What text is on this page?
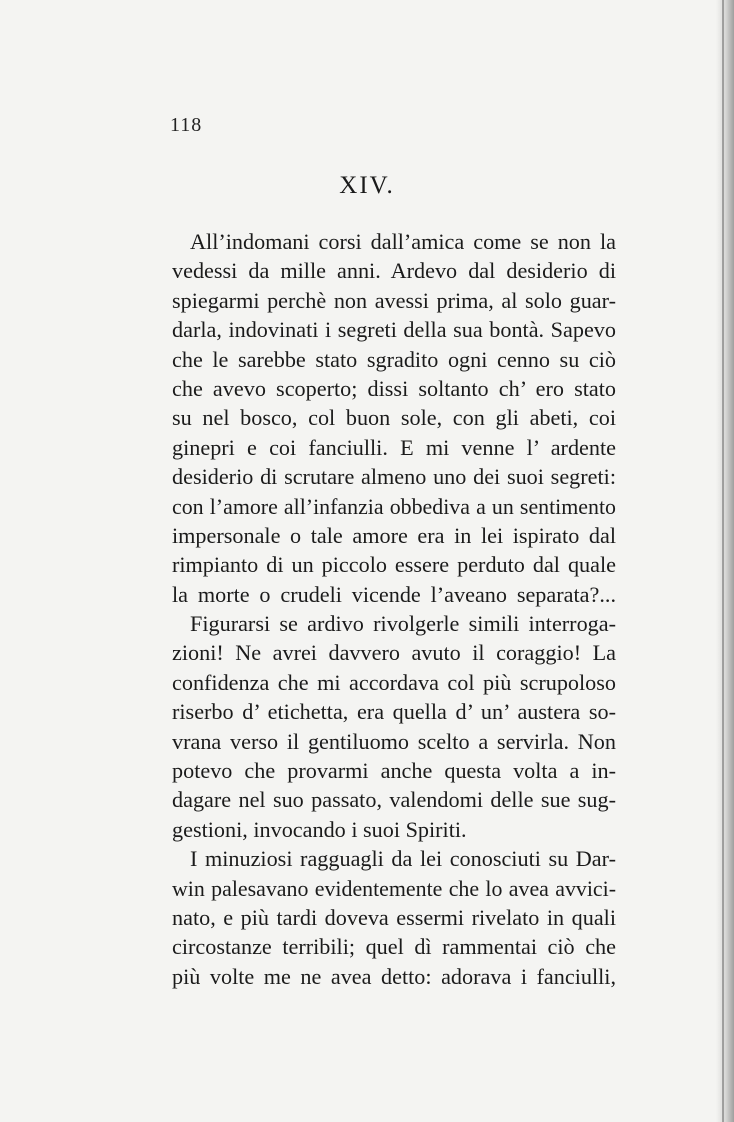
118
XIV.
All’indomani corsi dall’amica come se non la
vedessi da mille anni. Ardevo dal desiderio di
spiegarmi perchè non avessi prima, al solo guar-
darla, indovinati i segreti della sua bontà. Sapevo
che le sarebbe stato sgradito ogni cenno su ciò
che avevo scoperto; dissi soltanto ch’ ero stato
su nel bosco, col buon sole, con gli abeti, coi
ginepri e coi fanciulli. E mi venne l’ ardente
desiderio di scrutare almeno uno dei suoi segreti:
con l’amore all’infanzia obbediva a un sentimento
impersonale o tale amore era in lei ispirato dal
rimpianto di un piccolo essere perduto dal quale
la morte o crudeli vicende l’aveano separata?...
Figurarsi se ardivo rivolgerle simili interroga-
zioni! Ne avrei davvero avuto il coraggio! La
confidenza che mi accordava col più scrupoloso
riserbo d’ etichetta, era quella d’ un’ austera so-
vrana verso il gentiluomo scelto a servirla. Non
potevo che provarmi anche questa volta a in-
dagare nel suo passato, valendomi delle sue sug-
gestioni, invocando i suoi Spiriti.
I minuziosi ragguagli da lei conosciuti su Dar-
win palesavano evidentemente che lo avea avvici-
nato, e più tardi doveva essermi rivelato in quali
circostanze terribili; quel dì rammentai ciò che
più volte me ne avea detto: adorava i fanciulli,
